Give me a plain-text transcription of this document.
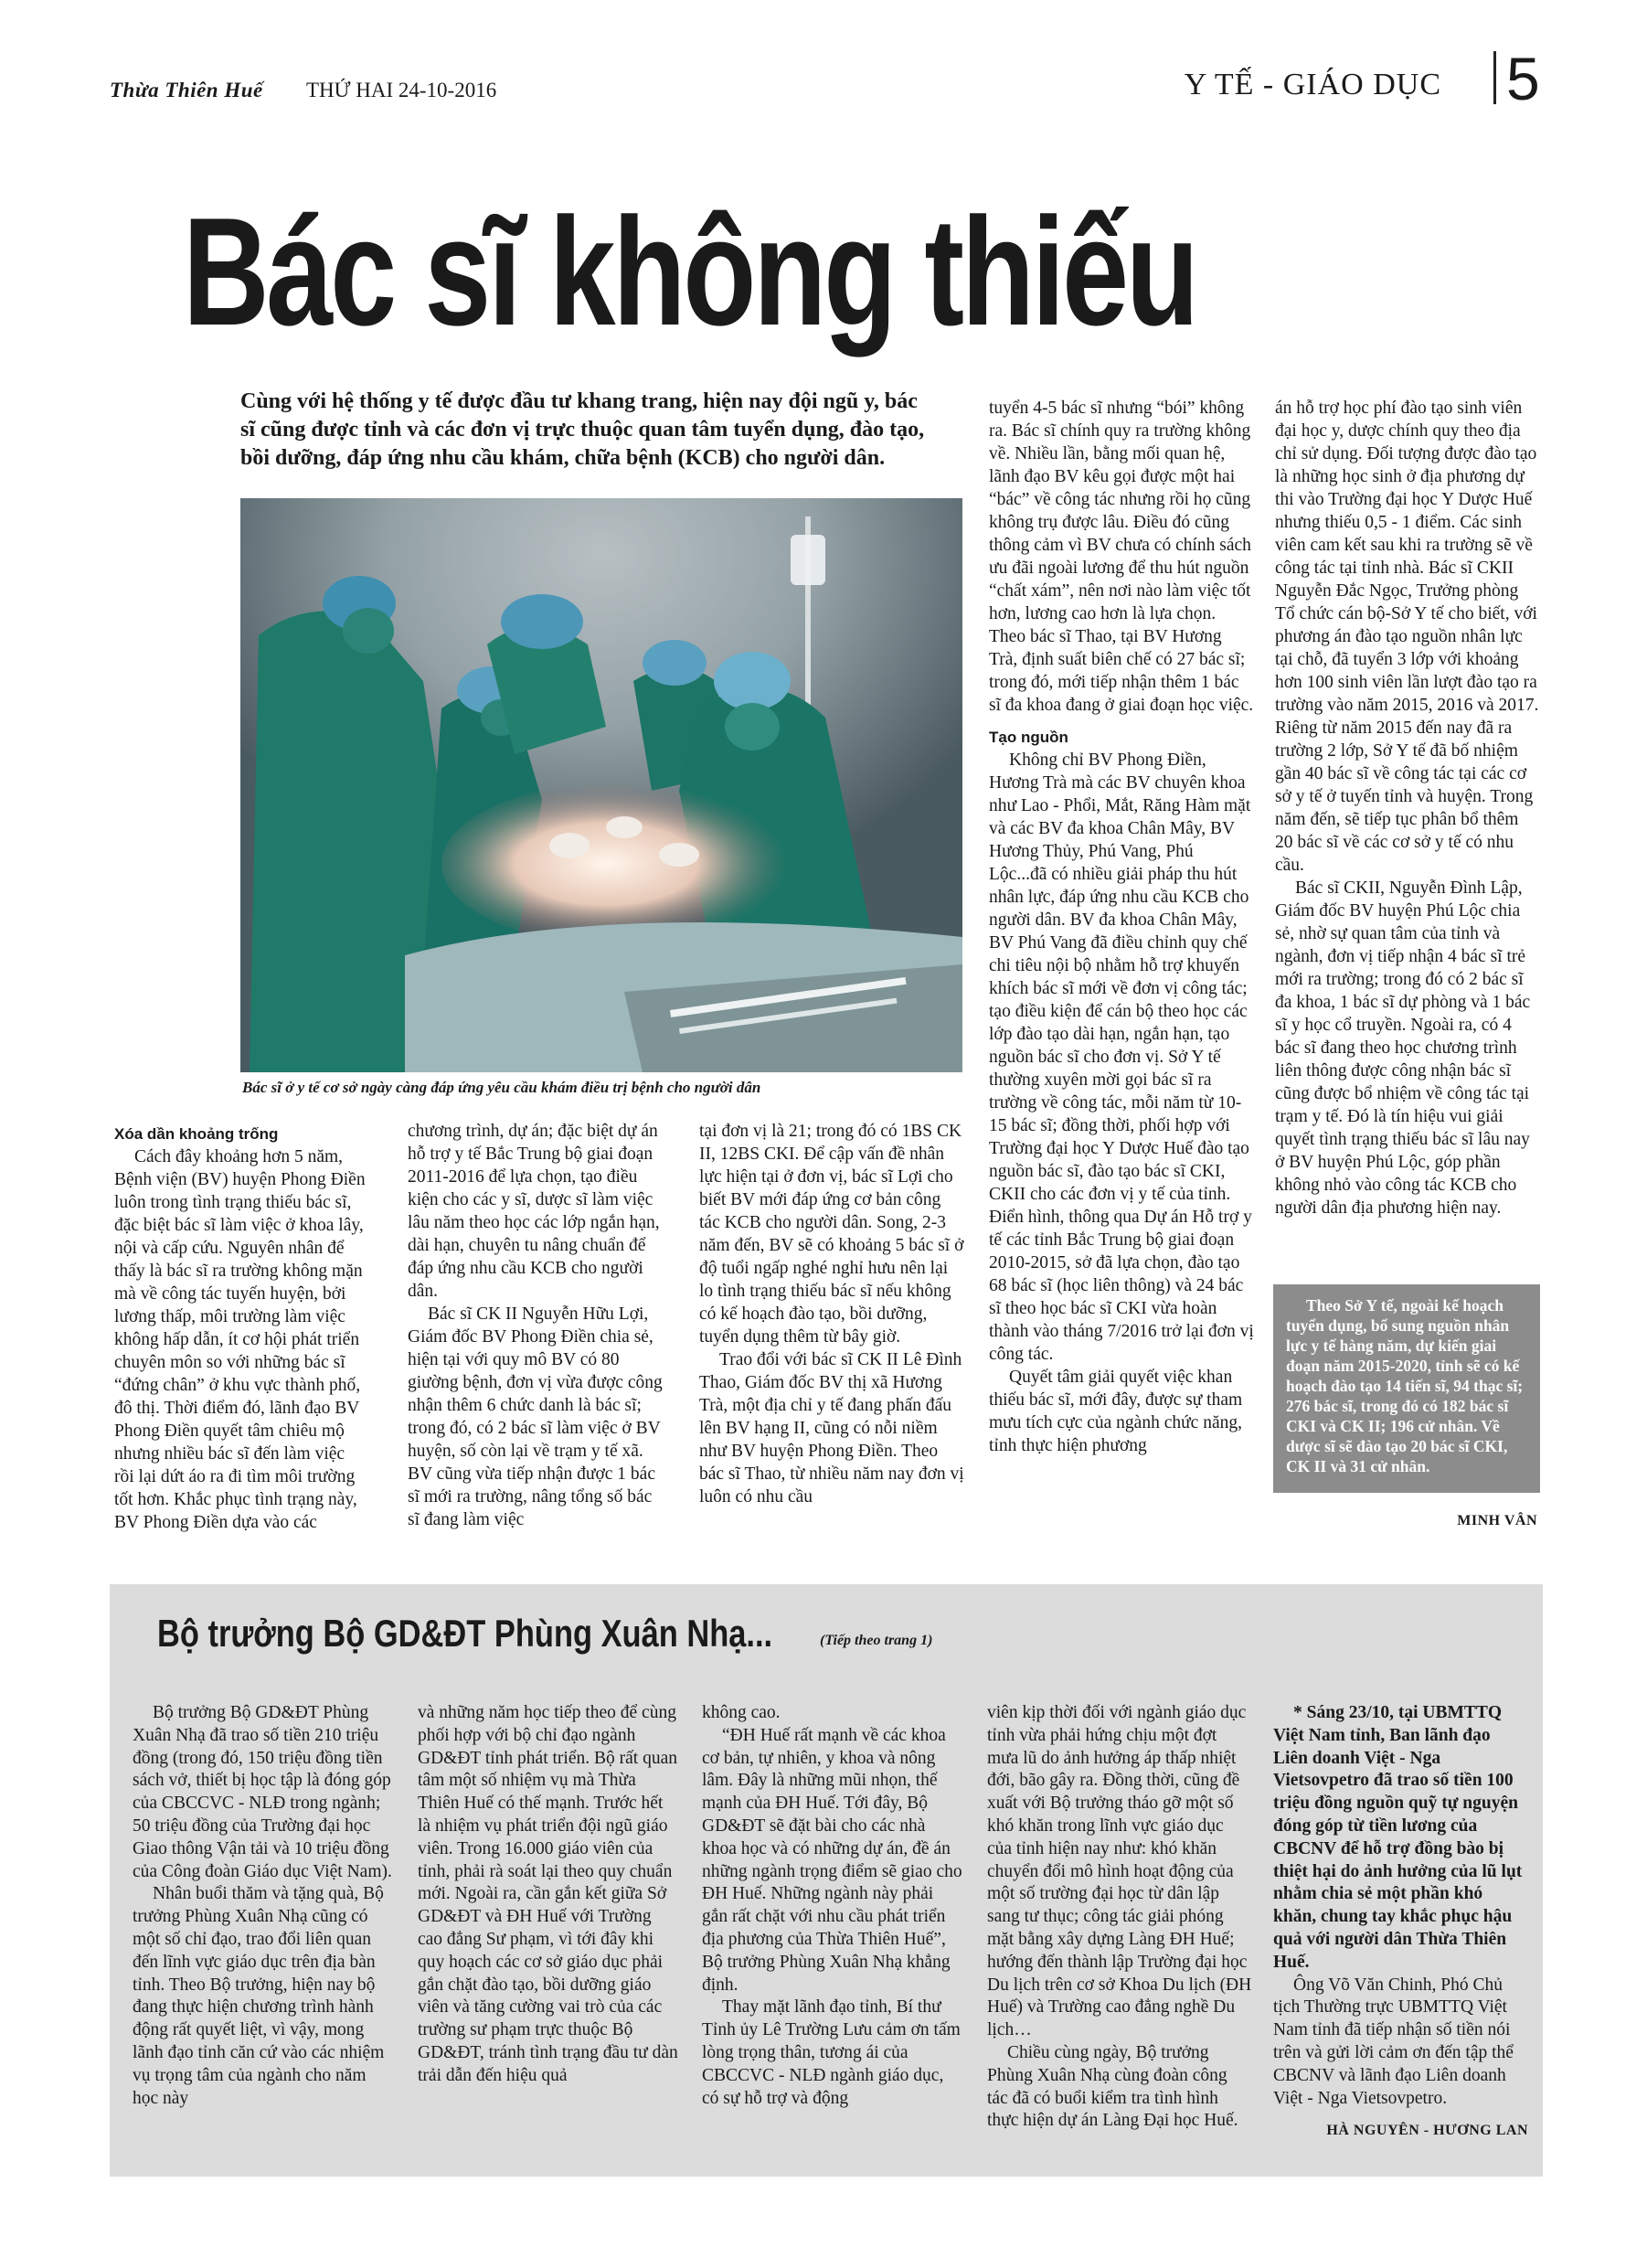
Thừa Thiên Huế THỨ HAI 24-10-2016	Y TẾ - GIÁO DỤC 5
Bác sĩ không thiếu
Cùng với hệ thống y tế được đầu tư khang trang, hiện nay đội ngũ y, bác sĩ cũng được tỉnh và các đơn vị trực thuộc quan tâm tuyển dụng, đào tạo, bồi dưỡng, đáp ứng nhu cầu khám, chữa bệnh (KCB) cho người dân.
Bác sĩ ở y tế cơ sở ngày càng đáp ứng yêu cầu khám điều trị bệnh cho người dân
Xóa dần khoảng trống

Cách đây khoảng hơn 5 năm, Bệnh viện (BV) huyện Phong Điền luôn trong tình trạng thiếu bác sĩ, đặc biệt bác sĩ làm việc ở khoa lây, nội và cấp cứu. Nguyên nhân để thấy là bác sĩ ra trường không mặn mà về công tác tuyến huyện, bởi lương thấp, môi trường làm việc không hấp dẫn, ít cơ hội phát triển chuyên môn so với những bác sĩ “đứng chân” ở khu vực thành phố, đô thị. Thời điểm đó, lãnh đạo BV Phong Điền quyết tâm chiêu mộ nhưng nhiều bác sĩ đến làm việc rồi lại dứt áo ra đi tìm môi trường tốt hơn. Khắc phục tình trạng này, BV Phong Điền dựa vào các

chương trình, dự án; đặc biệt dự án hỗ trợ y tế Bắc Trung bộ giai đoạn 2011-2016 để lựa chọn, tạo điều kiện cho các y sĩ, dược sĩ làm việc lâu năm theo học các lớp ngắn hạn, dài hạn, chuyên tu nâng chuẩn để đáp ứng nhu cầu KCB cho người dân.

Bác sĩ CK II Nguyễn Hữu Lợi, Giám đốc BV Phong Điền chia sẻ, hiện tại với quy mô BV có 80 giường bệnh, đơn vị vừa được công nhận thêm 6 chức danh là bác sĩ; trong đó, có 2 bác sĩ làm việc ở BV huyện, số còn lại về trạm y tế xã. BV cũng vừa tiếp nhận được 1 bác sĩ mới ra trường, nâng tổng số bác sĩ đang làm việc

tại đơn vị là 21; trong đó có 1BS CK II, 12BS CKI. Để cập vấn đề nhân lực hiện tại ở đơn vị, bác sĩ Lợi cho biết BV mới đáp ứng cơ bản công tác KCB cho người dân. Song, 2-3 năm đến, BV sẽ có khoảng 5 bác sĩ ở độ tuổi ngấp nghé nghỉ hưu nên lại lo tình trạng thiếu bác sĩ nếu không có kế hoạch đào tạo, bồi dưỡng, tuyển dụng thêm từ bây giờ.

Trao đổi với bác sĩ CK II Lê Đình Thao, Giám đốc BV thị xã Hương Trà, một địa chỉ y tế đang phấn đấu lên BV hạng II, cũng có nỗi niềm như BV huyện Phong Điền. Theo bác sĩ Thao, từ nhiều năm nay đơn vị luôn có nhu cầu

tuyển 4-5 bác sĩ nhưng “bói” không ra. Bác sĩ chính quy ra trường không về. Nhiều lần, bằng mối quan hệ, lãnh đạo BV kêu gọi được một hai “bác” về công tác nhưng rồi họ cũng không trụ được lâu. Điều đó cũng thông cảm vì BV chưa có chính sách ưu đãi ngoài lương để thu hút nguồn “chất xám”, nên nơi nào làm việc tốt hơn, lương cao hơn là lựa chọn. Theo bác sĩ Thao, tại BV Hương Trà, định suất biên chế có 27 bác sĩ; trong đó, mới tiếp nhận thêm 1 bác sĩ đa khoa đang ở giai đoạn học việc.

Tạo nguồn

Không chỉ BV Phong Điền, Hương Trà mà các BV chuyên khoa như Lao - Phổi, Mắt, Răng Hàm mặt và các BV đa khoa Chân Mây, BV Hương Thủy, Phú Vang, Phú Lộc...đã có nhiều giải pháp thu hút nhân lực, đáp ứng nhu cầu KCB cho người dân. BV đa khoa Chân Mây, BV Phú Vang đã điều chỉnh quy chế chi tiêu nội bộ nhằm hỗ trợ khuyến khích bác sĩ mới về đơn vị công tác; tạo điều kiện để cán bộ theo học các lớp đào tạo dài hạn, ngắn hạn, tạo nguồn bác sĩ cho đơn vị. Sở Y tế thường xuyên mời gọi bác sĩ ra trường về công tác, mỗi năm từ 10-15 bác sĩ; đồng thời, phối hợp với Trường đại học Y Dược Huế đào tạo nguồn bác sĩ, đào tạo bác sĩ CKI, CKII cho các đơn vị y tế của tỉnh. Điển hình, thông qua Dự án Hỗ trợ y tế các tỉnh Bắc Trung bộ giai đoạn 2010-2015, sở đã lựa chọn, đào tạo 68 bác sĩ (học liên thông) và 24 bác sĩ theo học bác sĩ CKI vừa hoàn thành vào tháng 7/2016 trở lại đơn vị công tác.

Quyết tâm giải quyết việc khan thiếu bác sĩ, mới đây, được sự tham mưu tích cực của ngành chức năng, tỉnh thực hiện phương

án hỗ trợ học phí đào tạo sinh viên đại học y, dược chính quy theo địa chỉ sử dụng. Đối tượng được đào tạo là những học sinh ở địa phương dự thi vào Trường đại học Y Dược Huế nhưng thiếu 0,5 - 1 điểm. Các sinh viên cam kết sau khi ra trường sẽ về công tác tại tỉnh nhà. Bác sĩ CKII Nguyễn Đắc Ngọc, Trưởng phòng Tổ chức cán bộ-Sở Y tế cho biết, với phương án đào tạo nguồn nhân lực tại chỗ, đã tuyển 3 lớp với khoảng hơn 100 sinh viên lần lượt đào tạo ra trường vào năm 2015, 2016 và 2017. Riêng từ năm 2015 đến nay đã ra trường 2 lớp, Sở Y tế đã bố nhiệm gần 40 bác sĩ về công tác tại các cơ sở y tế ở tuyến tỉnh và huyện. Trong năm đến, sẽ tiếp tục phân bổ thêm 20 bác sĩ về các cơ sở y tế có nhu cầu.

Bác sĩ CKII, Nguyễn Đình Lập, Giám đốc BV huyện Phú Lộc chia sẻ, nhờ sự quan tâm của tỉnh và ngành, đơn vị tiếp nhận 4 bác sĩ trẻ mới ra trường; trong đó có 2 bác sĩ đa khoa, 1 bác sĩ dự phòng và 1 bác sĩ y học cổ truyền. Ngoài ra, có 4 bác sĩ đang theo học chương trình liên thông được công nhận bác sĩ cũng được bổ nhiệm về công tác tại trạm y tế. Đó là tín hiệu vui giải quyết tình trạng thiếu bác sĩ lâu nay ở BV huyện Phú Lộc, góp phần không nhỏ vào công tác KCB cho người dân địa phương hiện nay.

Theo Sở Y tế, ngoài kế hoạch tuyển dụng, bổ sung nguồn nhân lực y tế hàng năm, dự kiến giai đoạn năm 2015-2020, tỉnh sẽ có kế hoạch đào tạo 14 tiến sĩ, 94 thạc sĩ; 276 bác sĩ, trong đó có 182 bác sĩ CKI và CK II; 196 cử nhân. Về dược sĩ sẽ đào tạo 20 bác sĩ CKI, CK II và 31 cử nhân.

MINH VÂN
Bộ trưởng Bộ GD&ĐT Phùng Xuân Nhạ...	(Tiếp theo trang 1)

Bộ trưởng Bộ GD&ĐT Phùng Xuân Nhạ đã trao số tiền 210 triệu đồng (trong đó, 150 triệu đồng tiền sách vở, thiết bị học tập là đóng góp của CBCCVC - NLĐ trong ngành; 50 triệu đồng của Trường đại học Giao thông Vận tải và 10 triệu đồng của Công đoàn Giáo dục Việt Nam).

Nhân buổi thăm và tặng quà, Bộ trưởng Phùng Xuân Nhạ cũng có một số chỉ đạo, trao đổi liên quan đến lĩnh vực giáo dục trên địa bàn tỉnh. Theo Bộ trưởng, hiện nay bộ đang thực hiện chương trình hành động rất quyết liệt, vì vậy, mong lãnh đạo tỉnh căn cứ vào các nhiệm vụ trọng tâm của ngành cho năm học này

và những năm học tiếp theo để cùng phối hợp với bộ chỉ đạo ngành GD&ĐT tỉnh phát triển. Bộ rất quan tâm một số nhiệm vụ mà Thừa Thiên Huế có thế mạnh. Trước hết là nhiệm vụ phát triển đội ngũ giáo viên. Trong 16.000 giáo viên của tỉnh, phải rà soát lại theo quy chuẩn mới. Ngoài ra, cần gắn kết giữa Sở GD&ĐT và ĐH Huế với Trường cao đẳng Sư phạm, vì tới đây khi quy hoạch các cơ sở giáo dục phải gắn chặt đào tạo, bồi dưỡng giáo viên và tăng cường vai trò của các trường sư phạm trực thuộc Bộ GD&ĐT, tránh tình trạng đầu tư dàn trải dẫn đến hiệu quả

không cao.

“ĐH Huế rất mạnh về các khoa cơ bản, tự nhiên, y khoa và nông lâm. Đây là những mũi nhọn, thế mạnh của ĐH Huế. Tới đây, Bộ GD&ĐT sẽ đặt bài cho các nhà khoa học và có những dự án, đề án những ngành trọng điểm sẽ giao cho ĐH Huế. Những ngành này phải gắn rất chặt với nhu cầu phát triển địa phương của Thừa Thiên Huế”, Bộ trưởng Phùng Xuân Nhạ khẳng định.

Thay mặt lãnh đạo tỉnh, Bí thư Tỉnh ủy Lê Trường Lưu cảm ơn tấm lòng trọng thân, tương ái của CBCCVC - NLĐ ngành giáo dục, có sự hỗ trợ và động

viên kịp thời đối với ngành giáo dục tỉnh vừa phải hứng chịu một đợt mưa lũ do ảnh hưởng áp thấp nhiệt đới, bão gây ra. Đồng thời, cũng đề xuất với Bộ trưởng tháo gỡ một số khó khăn trong lĩnh vực giáo dục của tỉnh hiện nay như: khó khăn chuyển đổi mô hình hoạt động của một số trường đại học từ dân lập sang tư thục; công tác giải phóng mặt bằng xây dựng Làng ĐH Huế; hướng đến thành lập Trường đại học Du lịch trên cơ sở Khoa Du lịch (ĐH Huế) và Trường cao đẳng nghề Du lịch…

Chiều cùng ngày, Bộ trưởng Phùng Xuân Nhạ cùng đoàn công tác đã có buổi kiểm tra tình hình thực hiện dự án Làng Đại học Huế.

* Sáng 23/10, tại UBMTTQ Việt Nam tỉnh, Ban lãnh đạo Liên doanh Việt - Nga Vietsovpetro đã trao số tiền 100 triệu đồng nguồn quỹ tự nguyện đóng góp từ tiền lương của CBCNV để hỗ trợ đồng bào bị thiệt hại do ảnh hưởng của lũ lụt nhằm chia sẻ một phần khó khăn, chung tay khắc phục hậu quả với người dân Thừa Thiên Huế.

Ông Võ Văn Chinh, Phó Chủ tịch Thường trực UBMTTQ Việt Nam tỉnh đã tiếp nhận số tiền nói trên và gửi lời cảm ơn đến tập thể CBCNV và lãnh đạo Liên doanh Việt - Nga Vietsovpetro.

HÀ NGUYÊN - HƯƠNG LAN
